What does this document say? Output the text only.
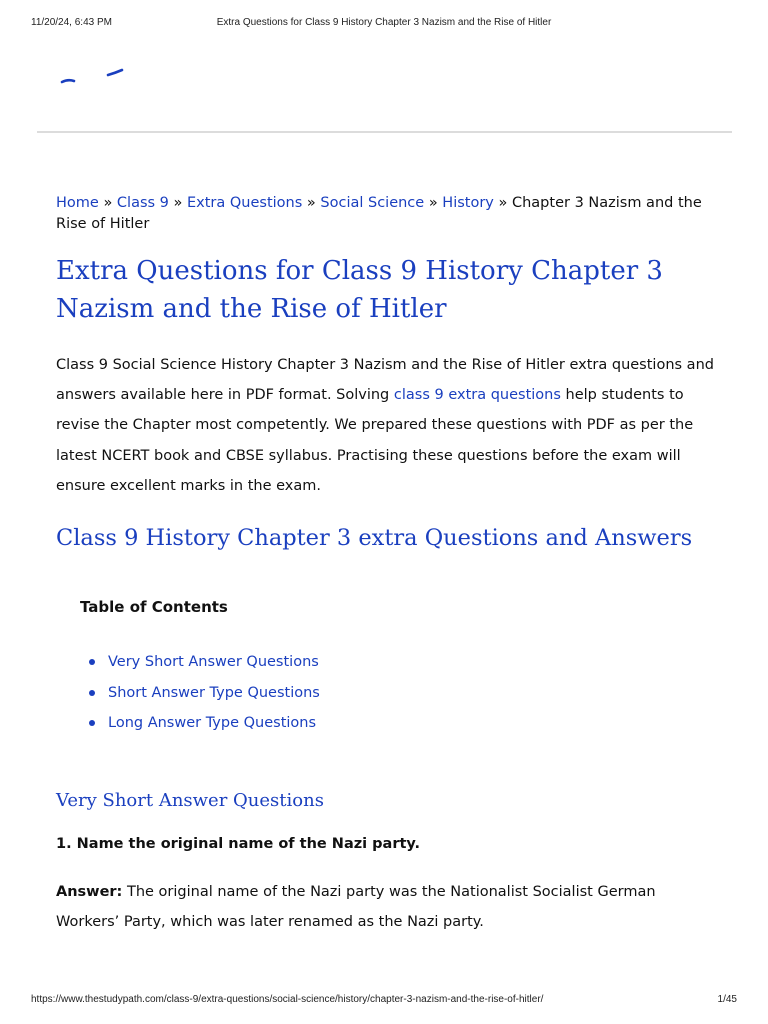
11/20/24, 6:43 PM	Extra Questions for Class 9 History Chapter 3 Nazism and the Rise of Hitler
Home » Class 9 » Extra Questions » Social Science » History » Chapter 3 Nazism and the Rise of Hitler
Extra Questions for Class 9 History Chapter 3 Nazism and the Rise of Hitler

Class 9 Social Science History Chapter 3 Nazism and the Rise of Hitler extra questions and answers available here in PDF format. Solving class 9 extra questions help students to revise the Chapter most competently. We prepared these questions with PDF as per the latest NCERT book and CBSE syllabus. Practising these questions before the exam will ensure excellent marks in the exam.

Class 9 History Chapter 3 extra Questions and Answers
Table of Contents
Very Short Answer Questions
Short Answer Type Questions
Long Answer Type Questions
Very Short Answer Questions
1. Name the original name of the Nazi party.
Answer: The original name of the Nazi party was the Nationalist Socialist German Workers’ Party, which was later renamed as the Nazi party.
https://www.thestudypath.com/class-9/extra-questions/social-science/history/chapter-3-nazism-and-the-rise-of-hitler/	1/45
